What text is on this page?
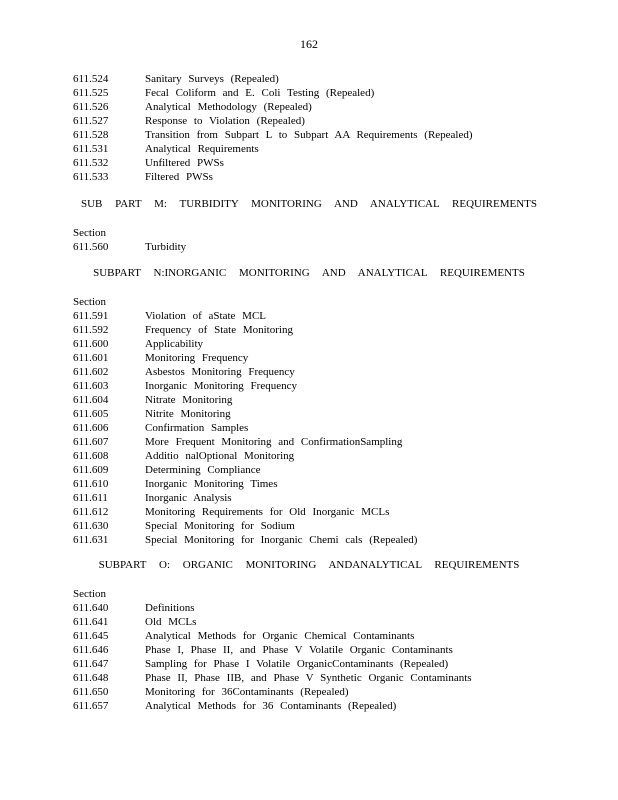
162
611.524	Sanitary Surveys (Repealed)
611.525	Fecal Coliform and E. Coli Testing (Repealed)
611.526	Analytical Methodology (Repealed)
611.527	Response to Violation (Repealed)
611.528	Transition from Subpart L to Subpart AA Requirements (Repealed)
611.531	Analytical Requirements
611.532	Unfiltered PWSs
611.533	Filtered PWSs
SUB PART M: TURBIDITY MONITORING AND ANALYTICAL REQUIREMENTS
Section
611.560	Turbidity
SUBPART N:INORGANIC MONITORING AND ANALYTICAL REQUIREMENTS
Section
611.591	Violation of aState MCL
611.592	Frequency of State Monitoring
611.600	Applicability
611.601	Monitoring Frequency
611.602	Asbestos Monitoring Frequency
611.603	Inorganic Monitoring Frequency
611.604	Nitrate Monitoring
611.605	Nitrite Monitoring
611.606	Confirmation Samples
611.607	More Frequent Monitoring and ConfirmationSampling
611.608	Additio nalOptional Monitoring
611.609	Determining Compliance
611.610	Inorganic Monitoring Times
611.611	Inorganic Analysis
611.612	Monitoring Requirements for Old Inorganic MCLs
611.630	Special Monitoring for Sodium
611.631	Special Monitoring for Inorganic Chemi cals (Repealed)
SUBPART O: ORGANIC MONITORING ANDANALYTICAL REQUIREMENTS
Section
611.640	Definitions
611.641	Old MCLs
611.645	Analytical Methods for Organic Chemical Contaminants
611.646	Phase I, Phase II, and Phase V Volatile Organic Contaminants
611.647	Sampling for Phase I Volatile OrganicContaminants (Repealed)
611.648	Phase II, Phase IIB, and Phase V Synthetic Organic Contaminants
611.650	Monitoring for 36Contaminants (Repealed)
611.657	Analytical Methods for 36 Contaminants (Repealed)
